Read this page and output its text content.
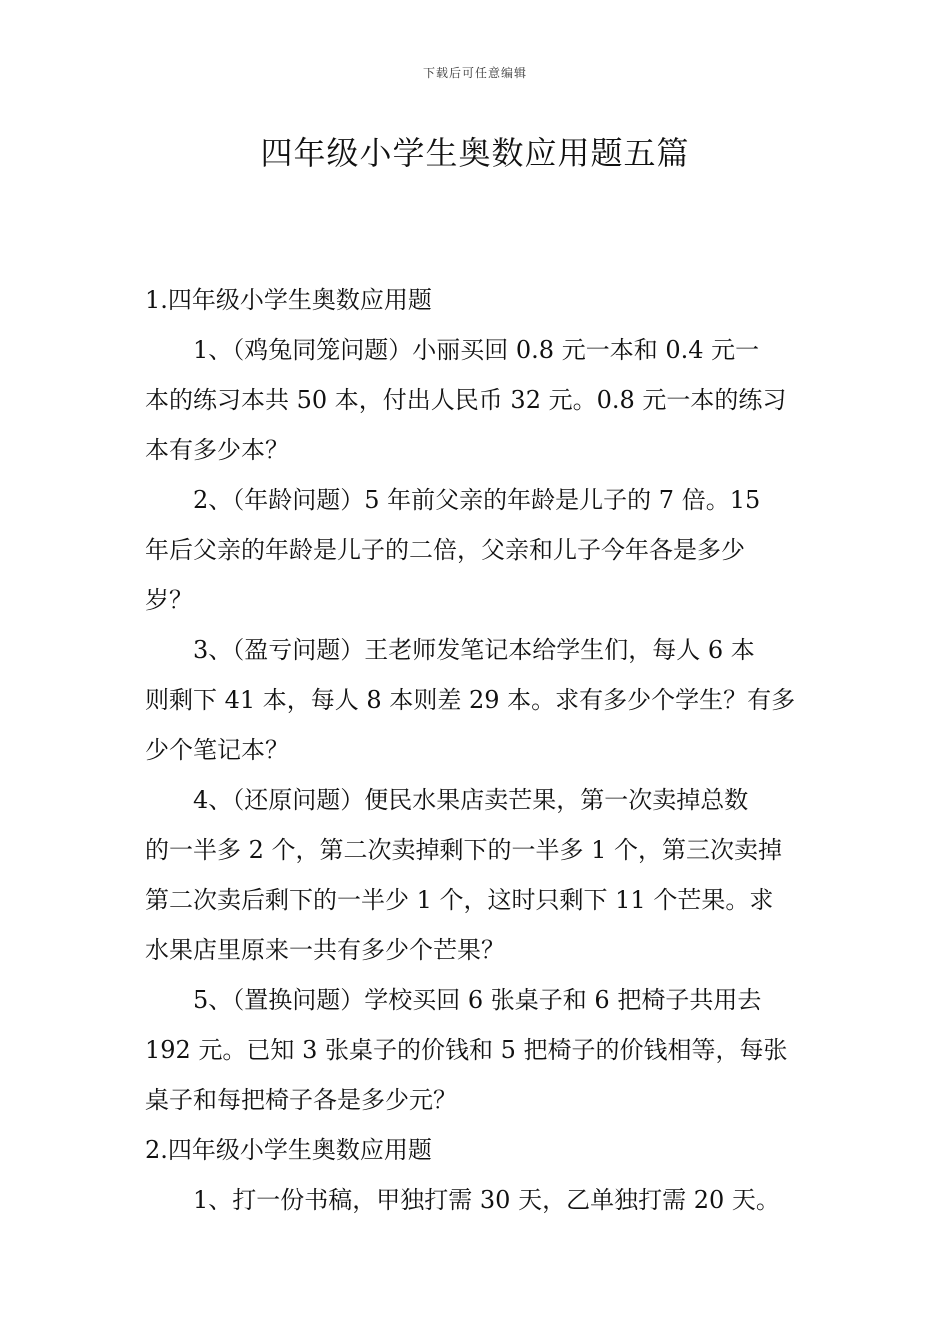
下载后可任意编辑
四年级小学生奥数应用题五篇
1.四年级小学生奥数应用题
1、（鸡兔同笼问题）小丽买回 0.8 元一本和 0.4 元一
本的练习本共 50 本，付出人民币 32 元。0.8 元一本的练习
本有多少本？
2、（年龄问题）5 年前父亲的年龄是儿子的 7 倍。15
年后父亲的年龄是儿子的二倍，父亲和儿子今年各是多少
岁？
3、（盈亏问题）王老师发笔记本给学生们，每人 6 本
则剩下 41 本，每人 8 本则差 29 本。求有多少个学生？有多
少个笔记本？
4、（还原问题）便民水果店卖芒果，第一次卖掉总数
的一半多 2 个，第二次卖掉剩下的一半多 1 个，第三次卖掉
第二次卖后剩下的一半少 1 个，这时只剩下 11 个芒果。求
水果店里原来一共有多少个芒果？
5、（置换问题）学校买回 6 张桌子和 6 把椅子共用去
192 元。已知 3 张桌子的价钱和 5 把椅子的价钱相等，每张
桌子和每把椅子各是多少元？
2.四年级小学生奥数应用题
1、打一份书稿，甲独打需 30 天，乙单独打需 20 天。
